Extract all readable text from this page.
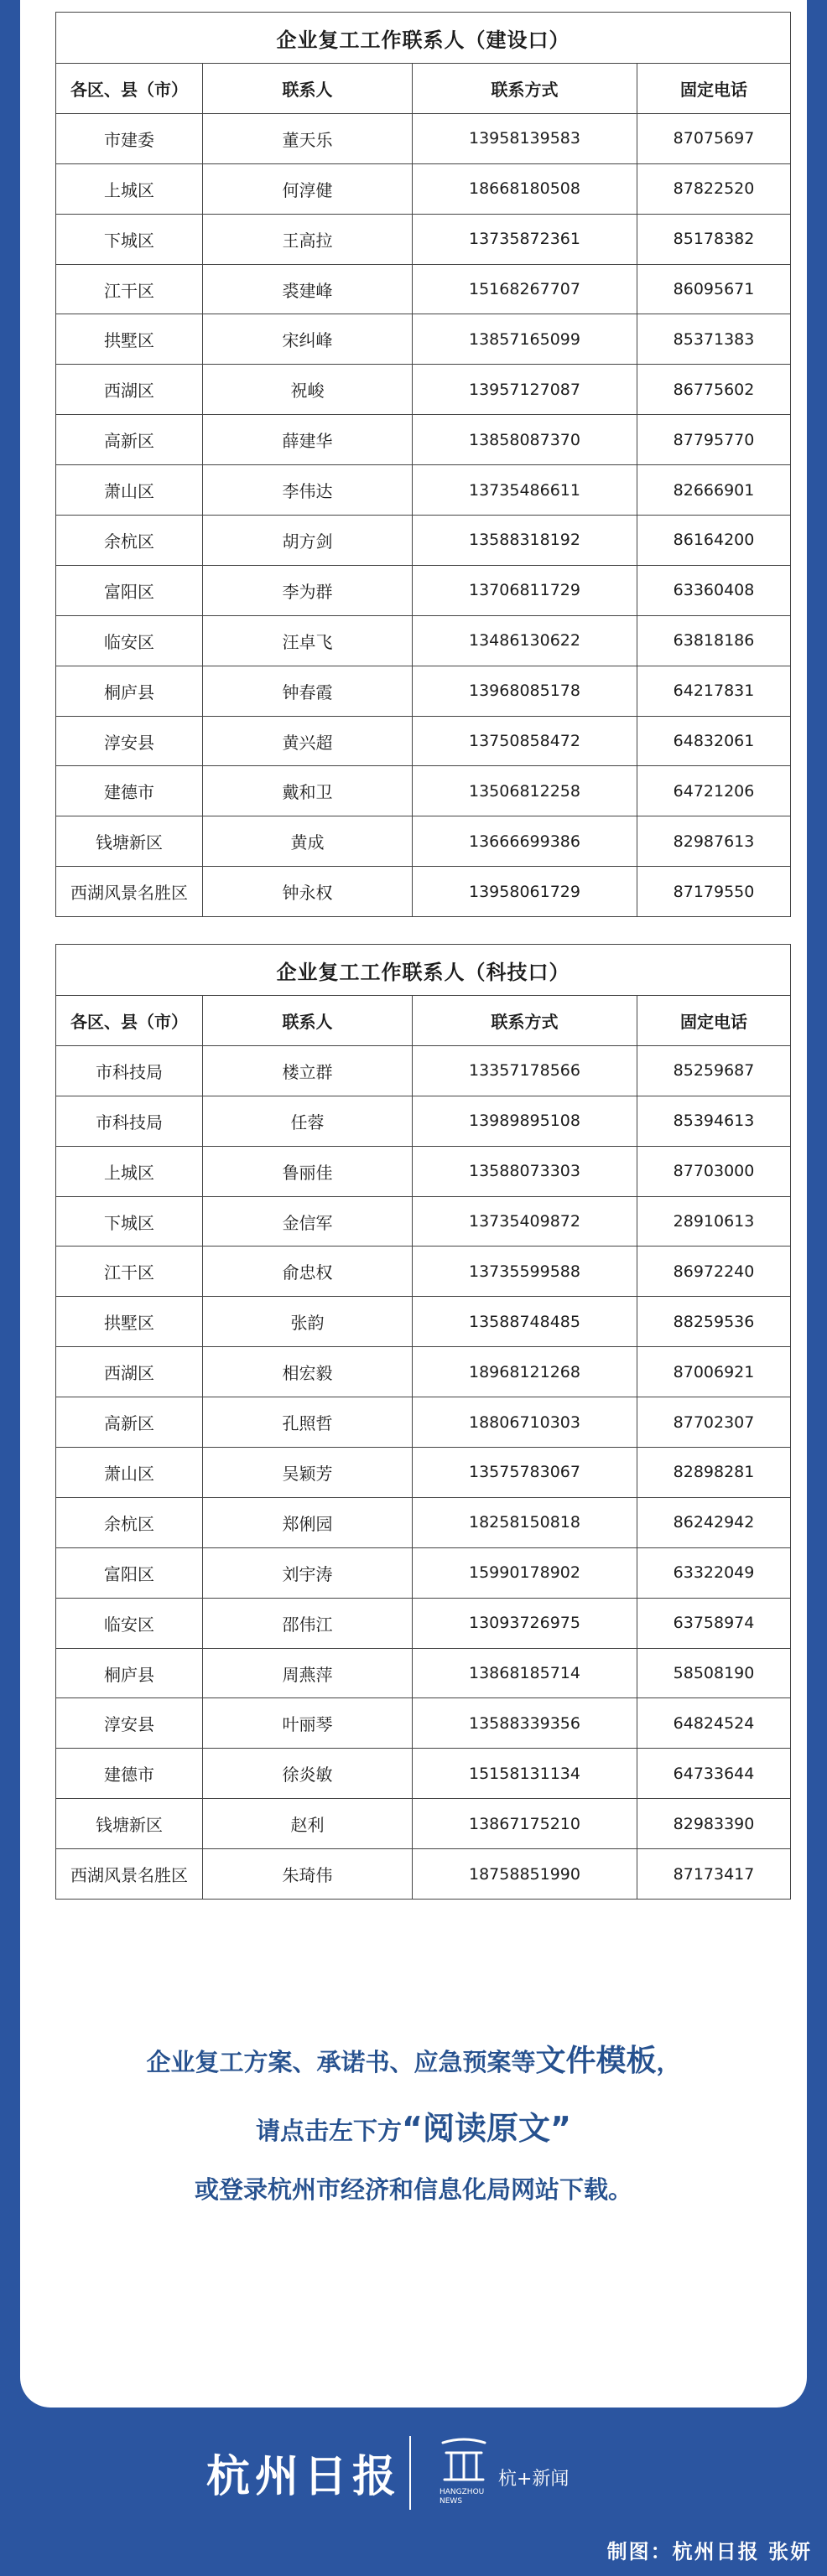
企业复工工作联系人（建设口）			
各区、县（市）	联系人	联系方式	固定电话
市建委	董天乐	13958139583	87075697
上城区	何淳健	18668180508	87822520
下城区	王高拉	13735872361	85178382
江干区	裘建峰	15168267707	86095671
拱墅区	宋纠峰	13857165099	85371383
西湖区	祝峻	13957127087	86775602
高新区	薛建华	13858087370	87795770
萧山区	李伟达	13735486611	82666901
余杭区	胡方剑	13588318192	86164200
富阳区	李为群	13706811729	63360408
临安区	汪卓飞	13486130622	63818186
桐庐县	钟春霞	13968085178	64217831
淳安县	黄兴超	13750858472	64832061
建德市	戴和卫	13506812258	64721206
钱塘新区	黄成	13666699386	82987613
西湖风景名胜区	钟永权	13958061729	87179550
企业复工工作联系人（科技口）			
各区、县（市）	联系人	联系方式	固定电话
市科技局	楼立群	13357178566	85259687
市科技局	任蓉	13989895108	85394613
上城区	鲁丽佳	13588073303	87703000
下城区	金信军	13735409872	28910613
江干区	俞忠权	13735599588	86972240
拱墅区	张韵	13588748485	88259536
西湖区	相宏毅	18968121268	87006921
高新区	孔照哲	18806710303	87702307
萧山区	吴颖芳	13575783067	82898281
余杭区	郑俐园	18258150818	86242942
富阳区	刘宇涛	15990178902	63322049
临安区	邵伟江	13093726975	63758974
桐庐县	周燕萍	13868185714	58508190
淳安县	叶丽琴	13588339356	64824524
建德市	徐炎敏	15158131134	64733644
钱塘新区	赵利	13867175210	82983390
西湖风景名胜区	朱琦伟	18758851990	87173417
企业复工方案、承诺书、应急预案等文件模板，
请点击左下方“阅读原文”
或登录杭州市经济和信息化局网站下载。
杭州日报	HANGZHOU
NEWS
杭+新闻
制图：杭州日报 张妍
